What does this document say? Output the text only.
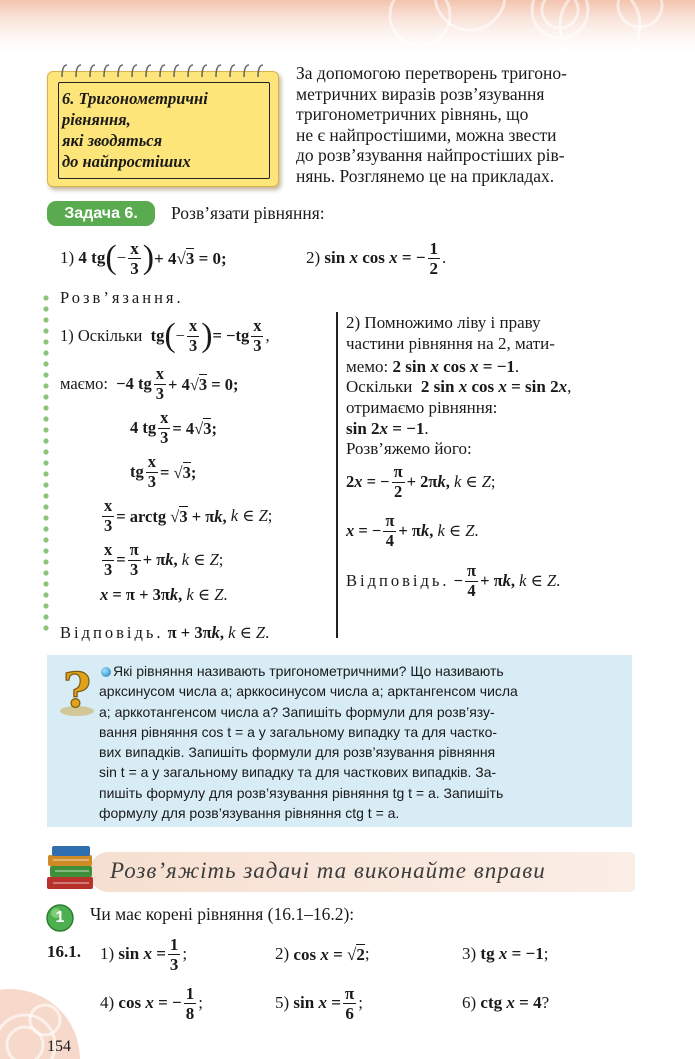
6. Тригонометричні
рівняння,
які зводяться
до найпростіших
За допомогою перетворень тригоно-
метричних виразів розв’язування
тригонометричних рівнянь, що
не є найпростішими, можна звести
до розв’язування найпростіших рів-
нянь. Розглянемо це на прикладах.
Задача 6.	Розв’язати рівняння:
1)
4 tg ( − $\frac{x}{3}$ ) + 4√3 = 0;	2)
sin x cos x = − $\frac{1}{2}$ .
Розв’язання.
1) Оскільки
tg ( − $\frac{x}{3}$ ) = $-tg \frac{x}{3}$ ,
маємо:
−4 tg $\frac{x}{3} + 4√3 = 0$;
4 tg $\frac{x}{3} = 4√3$;
tg $\frac{x}{3} = √3$;
$\frac{x}{3}$ = arctg √3 + πk,
k ∈ Z ;
$\frac{x}{3} = \frac{\pi}{3} + \pi k$,
k ∈ Z ;
x = π + 3πk,
k ∈ Z .
Відповідь.
π + 3πk,
k ∈ Z .
2) Помножимо ліву і праву
частини рівняння на 2, мати-
мемо:
2 sin x cos x = −1 .
Оскільки
2 sin x cos x = sin 2x ,
отримаємо рівняння:
sin 2x = −1 .
Розв’яжемо його:
2x = − $\frac{\pi}{2} + 2\pi k$,
k ∈ Z ;
x = − $\frac{\pi}{4} + \pi k$,
k ∈ Z .
Відповідь.
− $\frac{\pi}{4} + \pi k$,
k ∈ Z .
?	Які рівняння називають тригонометричними? Що називають
арксинусом числа a; арккосинусом числа a; арктангенсом числа
a; арккотангенсом числа a? Запишіть формули для розв’язу-
вання рівняння cos t = a у загальному випадку та для частко-
вих випадків. Запишіть формули для розв’язування рівняння
sin t = a у загальному випадку та для часткових випадків. За-
пишіть формулу для розв’язування рівняння tg t = a. Запишіть
формулу для розв’язування рівняння ctg t = a.
Розв’яжіть задачі та виконайте вправи
1	Чи має корені рівняння (16.1–16.2):
16.1. 1)
$\sin x = \frac{1}{3}$ ;	2)
cos x = √2 ;	3)
tg x = −1 ;
4)
cos x = − $\frac{1}{8}$ ;	5)
$\sin x = \frac{\pi}{6}$ ;	6)
ctg x = 4 ?
154
